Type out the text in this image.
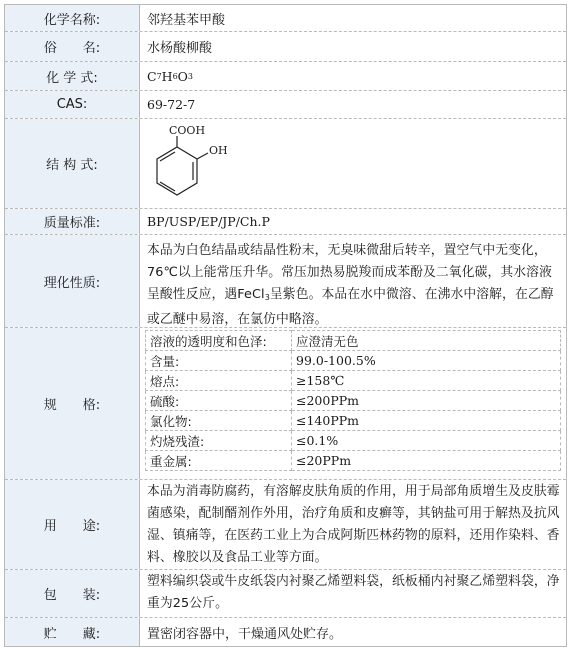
化学名称:	邻羟基苯甲酸
俗　　名:	水杨酸柳酸
化 学 式:	C 7 H 6 O 3
CAS:	69-72-7
结 构 式:
COOH
OH
质量标准:	BP/USP/EP/JP/Ch.P
理化性质:
本品为白色结晶或结晶性粉末，无臭味微甜后转辛，置空气中无变化，76℃以上能常压升华。常压加热易脱羧而成苯酚及二氧化碳，其水溶液呈酸性反应，遇FeCl$_3$呈紫色。本品在水中微溶、在沸水中溶解，在乙醇或乙醚中易溶，在氯仿中略溶。
规　　格:
溶液的透明度和色泽:	应澄清无色
含量:	99.0-100.5%
熔点:	≥158℃
硫酸:	≤200PPm
氯化物:	≤140PPm
灼烧残渣:	≤0.1%
重金属:	≤20PPm
用　　途:
本品为消毒防腐药，有溶解皮肤角质的作用，用于局部角质增生及皮肤霉菌感染，配制醑剂作外用，治疗角质和皮癣等，其钠盐可用于解热及抗风湿、镇痛等，在医药工业上为合成阿斯匹林药物的原料，还用作染料、香料、橡胶以及食品工业等方面。
包　　装:
塑料编织袋或牛皮纸袋内衬聚乙烯塑料袋，纸板桶内衬聚乙烯塑料袋，净重为25公斤。
贮　　藏:	置密闭容器中，干燥通风处贮存。
